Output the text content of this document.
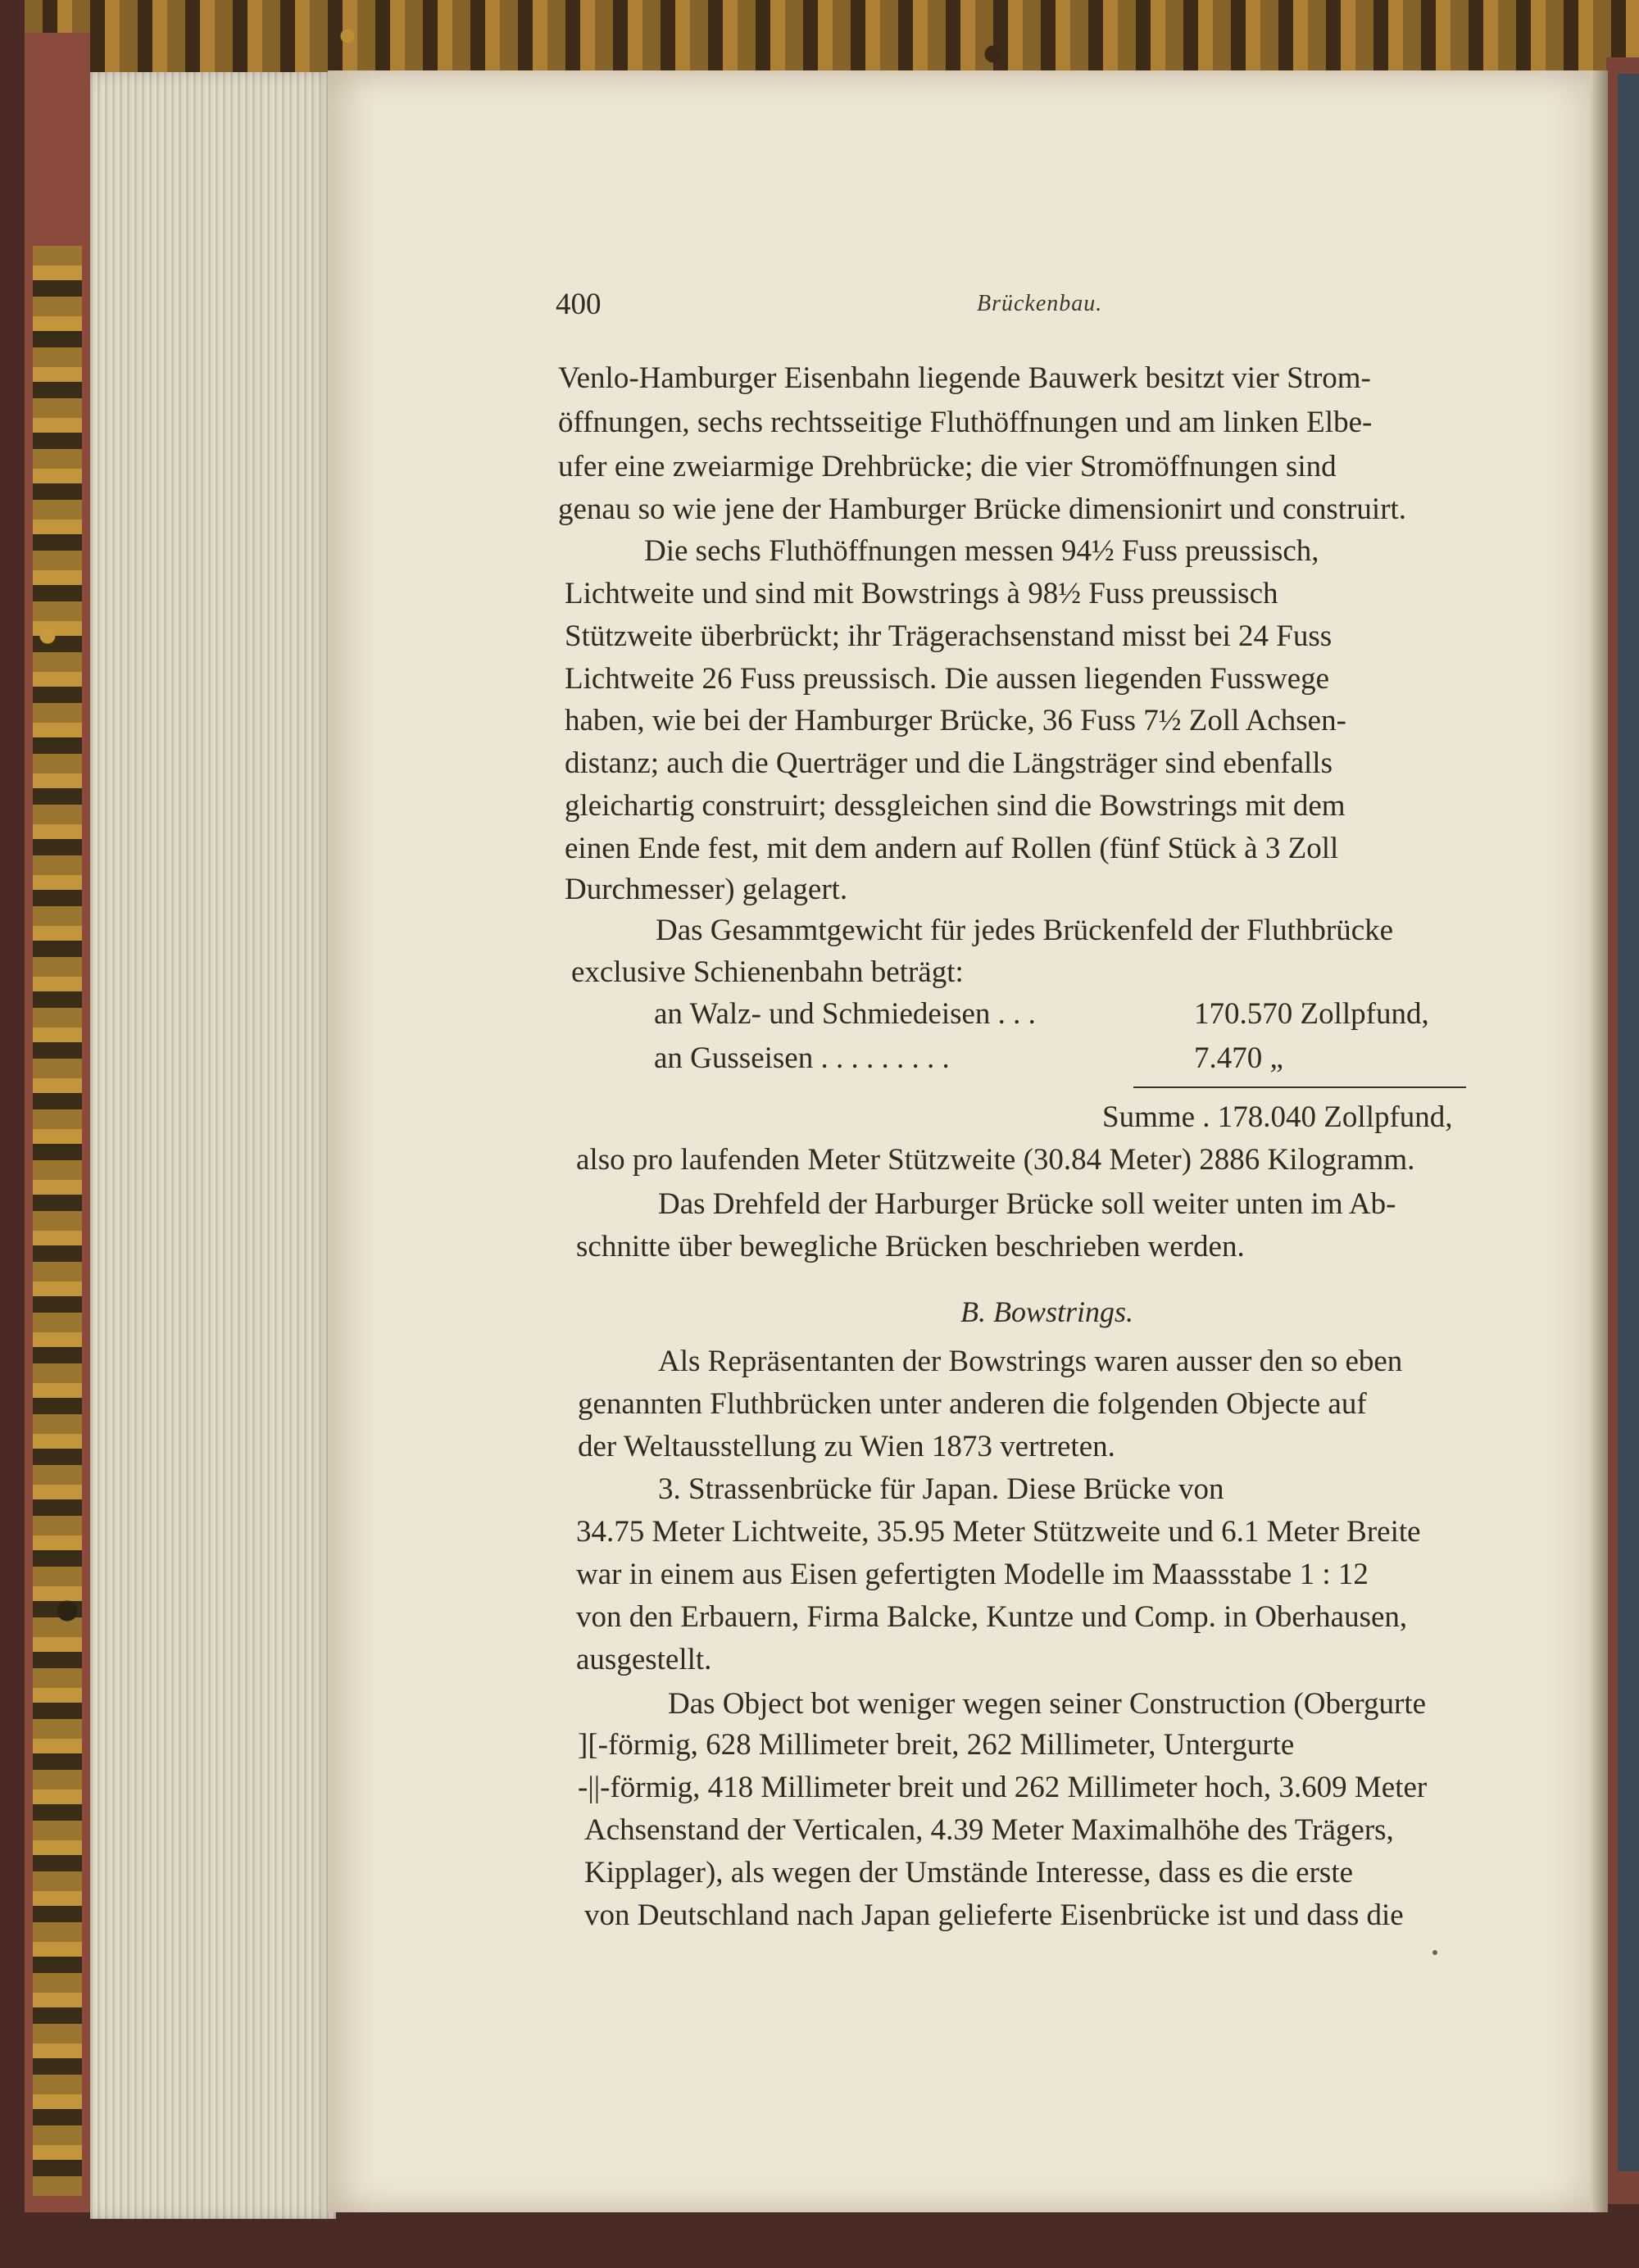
400	Brückenbau.
Venlo-Hamburger Eisenbahn liegende Bauwerk besitzt vier Strom-
öffnungen, sechs rechtsseitige Fluthöffnungen und am linken Elbe-
ufer eine zweiarmige Drehbrücke; die vier Stromöffnungen sind
genau so wie jene der Hamburger Brücke dimensionirt und construirt.
Die sechs Fluthöffnungen messen 94½ Fuss preussisch,
Lichtweite und sind mit Bowstrings à 98½ Fuss preussisch
Stützweite überbrückt; ihr Trägerachsenstand misst bei 24 Fuss
Lichtweite 26 Fuss preussisch. Die aussen liegenden Fusswege
haben, wie bei der Hamburger Brücke, 36 Fuss 7½ Zoll Achsen-
distanz; auch die Querträger und die Längsträger sind ebenfalls
gleichartig construirt; dessgleichen sind die Bowstrings mit dem
einen Ende fest, mit dem andern auf Rollen (fünf Stück à 3 Zoll
Durchmesser) gelagert.
Das Gesammtgewicht für jedes Brückenfeld der Fluthbrücke
exclusive Schienenbahn beträgt:
an Walz- und Schmiedeisen . . .	170.570 Zollpfund,
an Gusseisen . . . . . . . . .	7.470 „
Summe . 178.040 Zollpfund,
also pro laufenden Meter Stützweite (30.84 Meter) 2886 Kilogramm.
Das Drehfeld der Harburger Brücke soll weiter unten im Ab-
schnitte über bewegliche Brücken beschrieben werden.
B. Bowstrings.
Als Repräsentanten der Bowstrings waren ausser den so eben
genannten Fluthbrücken unter anderen die folgenden Objecte auf
der Weltausstellung zu Wien 1873 vertreten.
3. Strassenbrücke für Japan. Diese Brücke von
34.75 Meter Lichtweite, 35.95 Meter Stützweite und 6.1 Meter Breite
war in einem aus Eisen gefertigten Modelle im Maassstabe 1 : 12
von den Erbauern, Firma Balcke, Kuntze und Comp. in Oberhausen,
ausgestellt.
Das Object bot weniger wegen seiner Construction (Obergurte
][-förmig, 628 Millimeter breit, 262 Millimeter, Untergurte
-||-förmig, 418 Millimeter breit und 262 Millimeter hoch, 3.609 Meter
Achsenstand der Verticalen, 4.39 Meter Maximalhöhe des Trägers,
Kipplager), als wegen der Umstände Interesse, dass es die erste
von Deutschland nach Japan gelieferte Eisenbrücke ist und dass die
